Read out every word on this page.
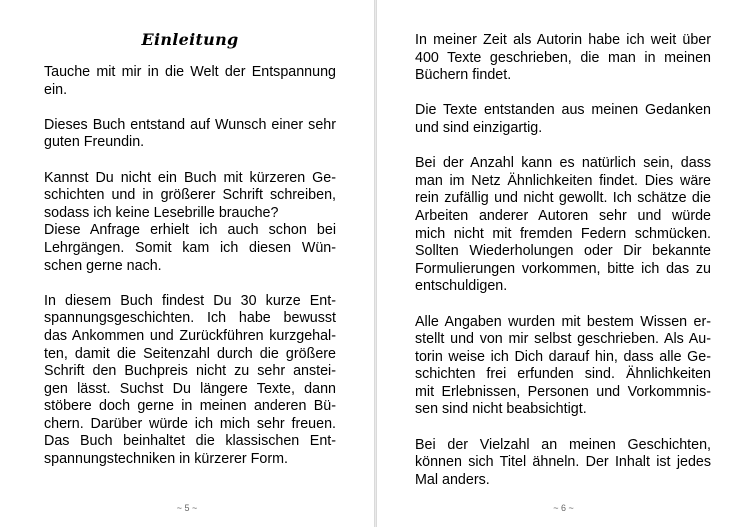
Einleitung

Tauche mit mir in die Welt der Entspannung
ein.

Dieses Buch entstand auf Wunsch einer sehr
guten Freundin.

Kannst Du nicht ein Buch mit kürzeren Ge-
schichten und in größerer Schrift schreiben,
sodass ich keine Lesebrille brauche?

Diese Anfrage erhielt ich auch schon bei
Lehrgängen. Somit kam ich diesen Wün-
schen gerne nach.

In diesem Buch findest Du 30 kurze Ent-
spannungsgeschichten. Ich habe bewusst
das Ankommen und Zurückführen kurzgehal-
ten, damit die Seitenzahl durch die größere
Schrift den Buchpreis nicht zu sehr anstei-
gen lässt. Suchst Du längere Texte, dann
stöbere doch gerne in meinen anderen Bü-
chern. Darüber würde ich mich sehr freuen.
Das Buch beinhaltet die klassischen Ent-
spannungstechniken in kürzerer Form.

~ 5 ~

In meiner Zeit als Autorin habe ich weit über
400 Texte geschrieben, die man in meinen
Büchern findet.

Die Texte entstanden aus meinen Gedanken
und sind einzigartig.

Bei der Anzahl kann es natürlich sein, dass
man im Netz Ähnlichkeiten findet. Dies wäre
rein zufällig und nicht gewollt. Ich schätze die
Arbeiten anderer Autoren sehr und würde
mich nicht mit fremden Federn schmücken.
Sollten Wiederholungen oder Dir bekannte
Formulierungen vorkommen, bitte ich das zu
entschuldigen.

Alle Angaben wurden mit bestem Wissen er-
stellt und von mir selbst geschrieben. Als Au-
torin weise ich Dich darauf hin, dass alle Ge-
schichten frei erfunden sind. Ähnlichkeiten
mit Erlebnissen, Personen und Vorkommnis-
sen sind nicht beabsichtigt.

Bei der Vielzahl an meinen Geschichten,
können sich Titel ähneln. Der Inhalt ist jedes
Mal anders.

~ 6 ~
